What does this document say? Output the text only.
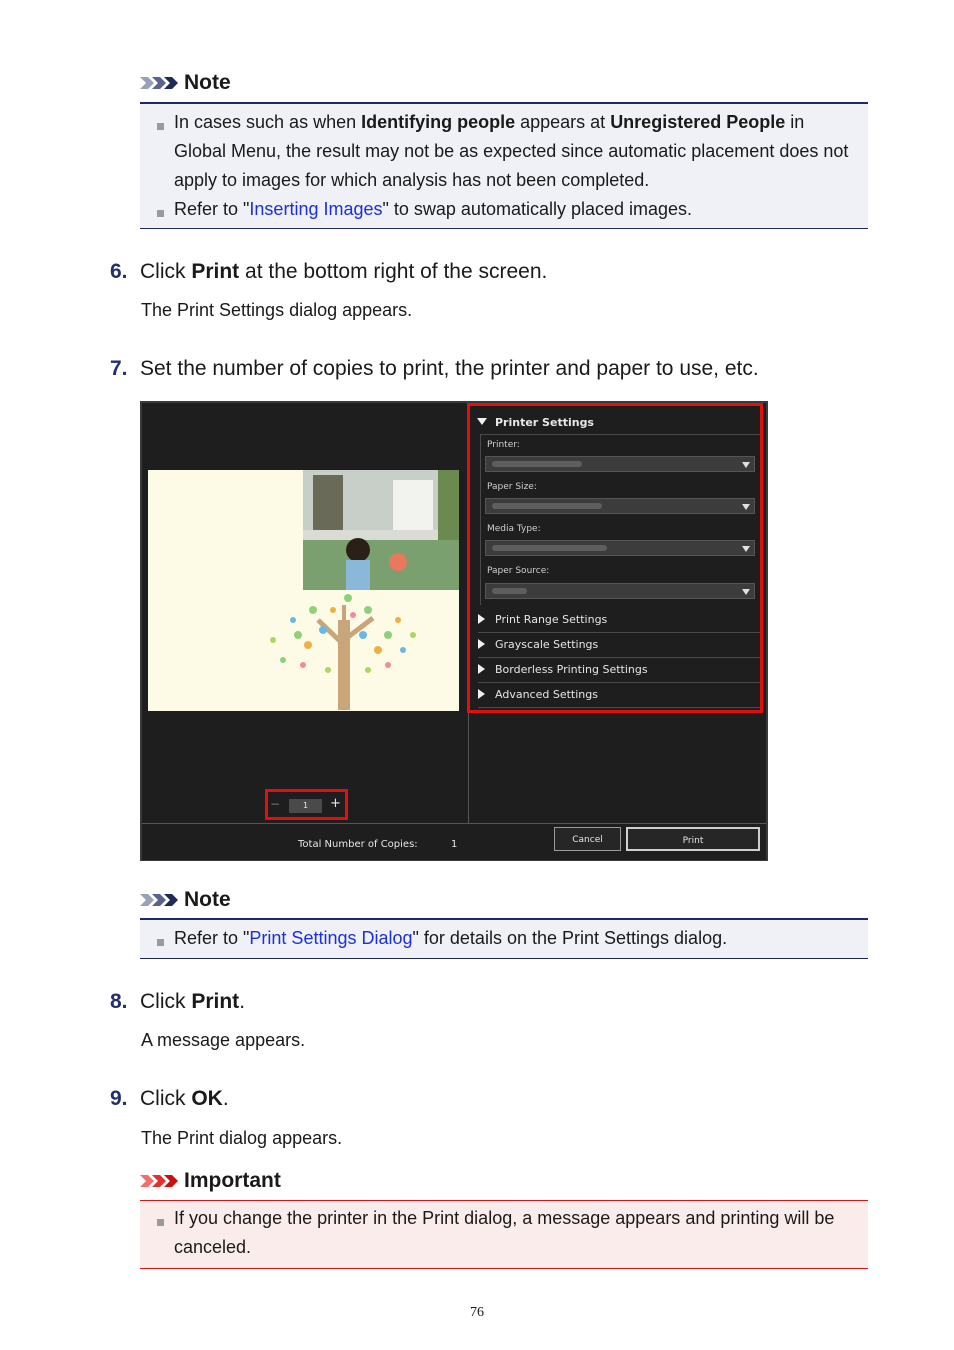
Note
In cases such as when Identifying people appears at Unregistered People in Global Menu, the result may not be as expected since automatic placement does not apply to images for which analysis has not been completed.
Refer to "Inserting Images" to swap automatically placed images.
6. Click Print at the bottom right of the screen.
The Print Settings dialog appears.
7. Set the number of copies to print, the printer and paper to use, etc.
−	1	+
Total Number of Copies:	1	Cancel	Print
Printer Settings
Printer:
Paper Size:
Media Type:
Paper Source:
Print Range Settings
Grayscale Settings
Borderless Printing Settings
Advanced Settings
Note
Refer to "Print Settings Dialog" for details on the Print Settings dialog.
8. Click Print.
A message appears.
9. Click OK.
The Print dialog appears.
Important
If you change the printer in the Print dialog, a message appears and printing will be canceled.
76
